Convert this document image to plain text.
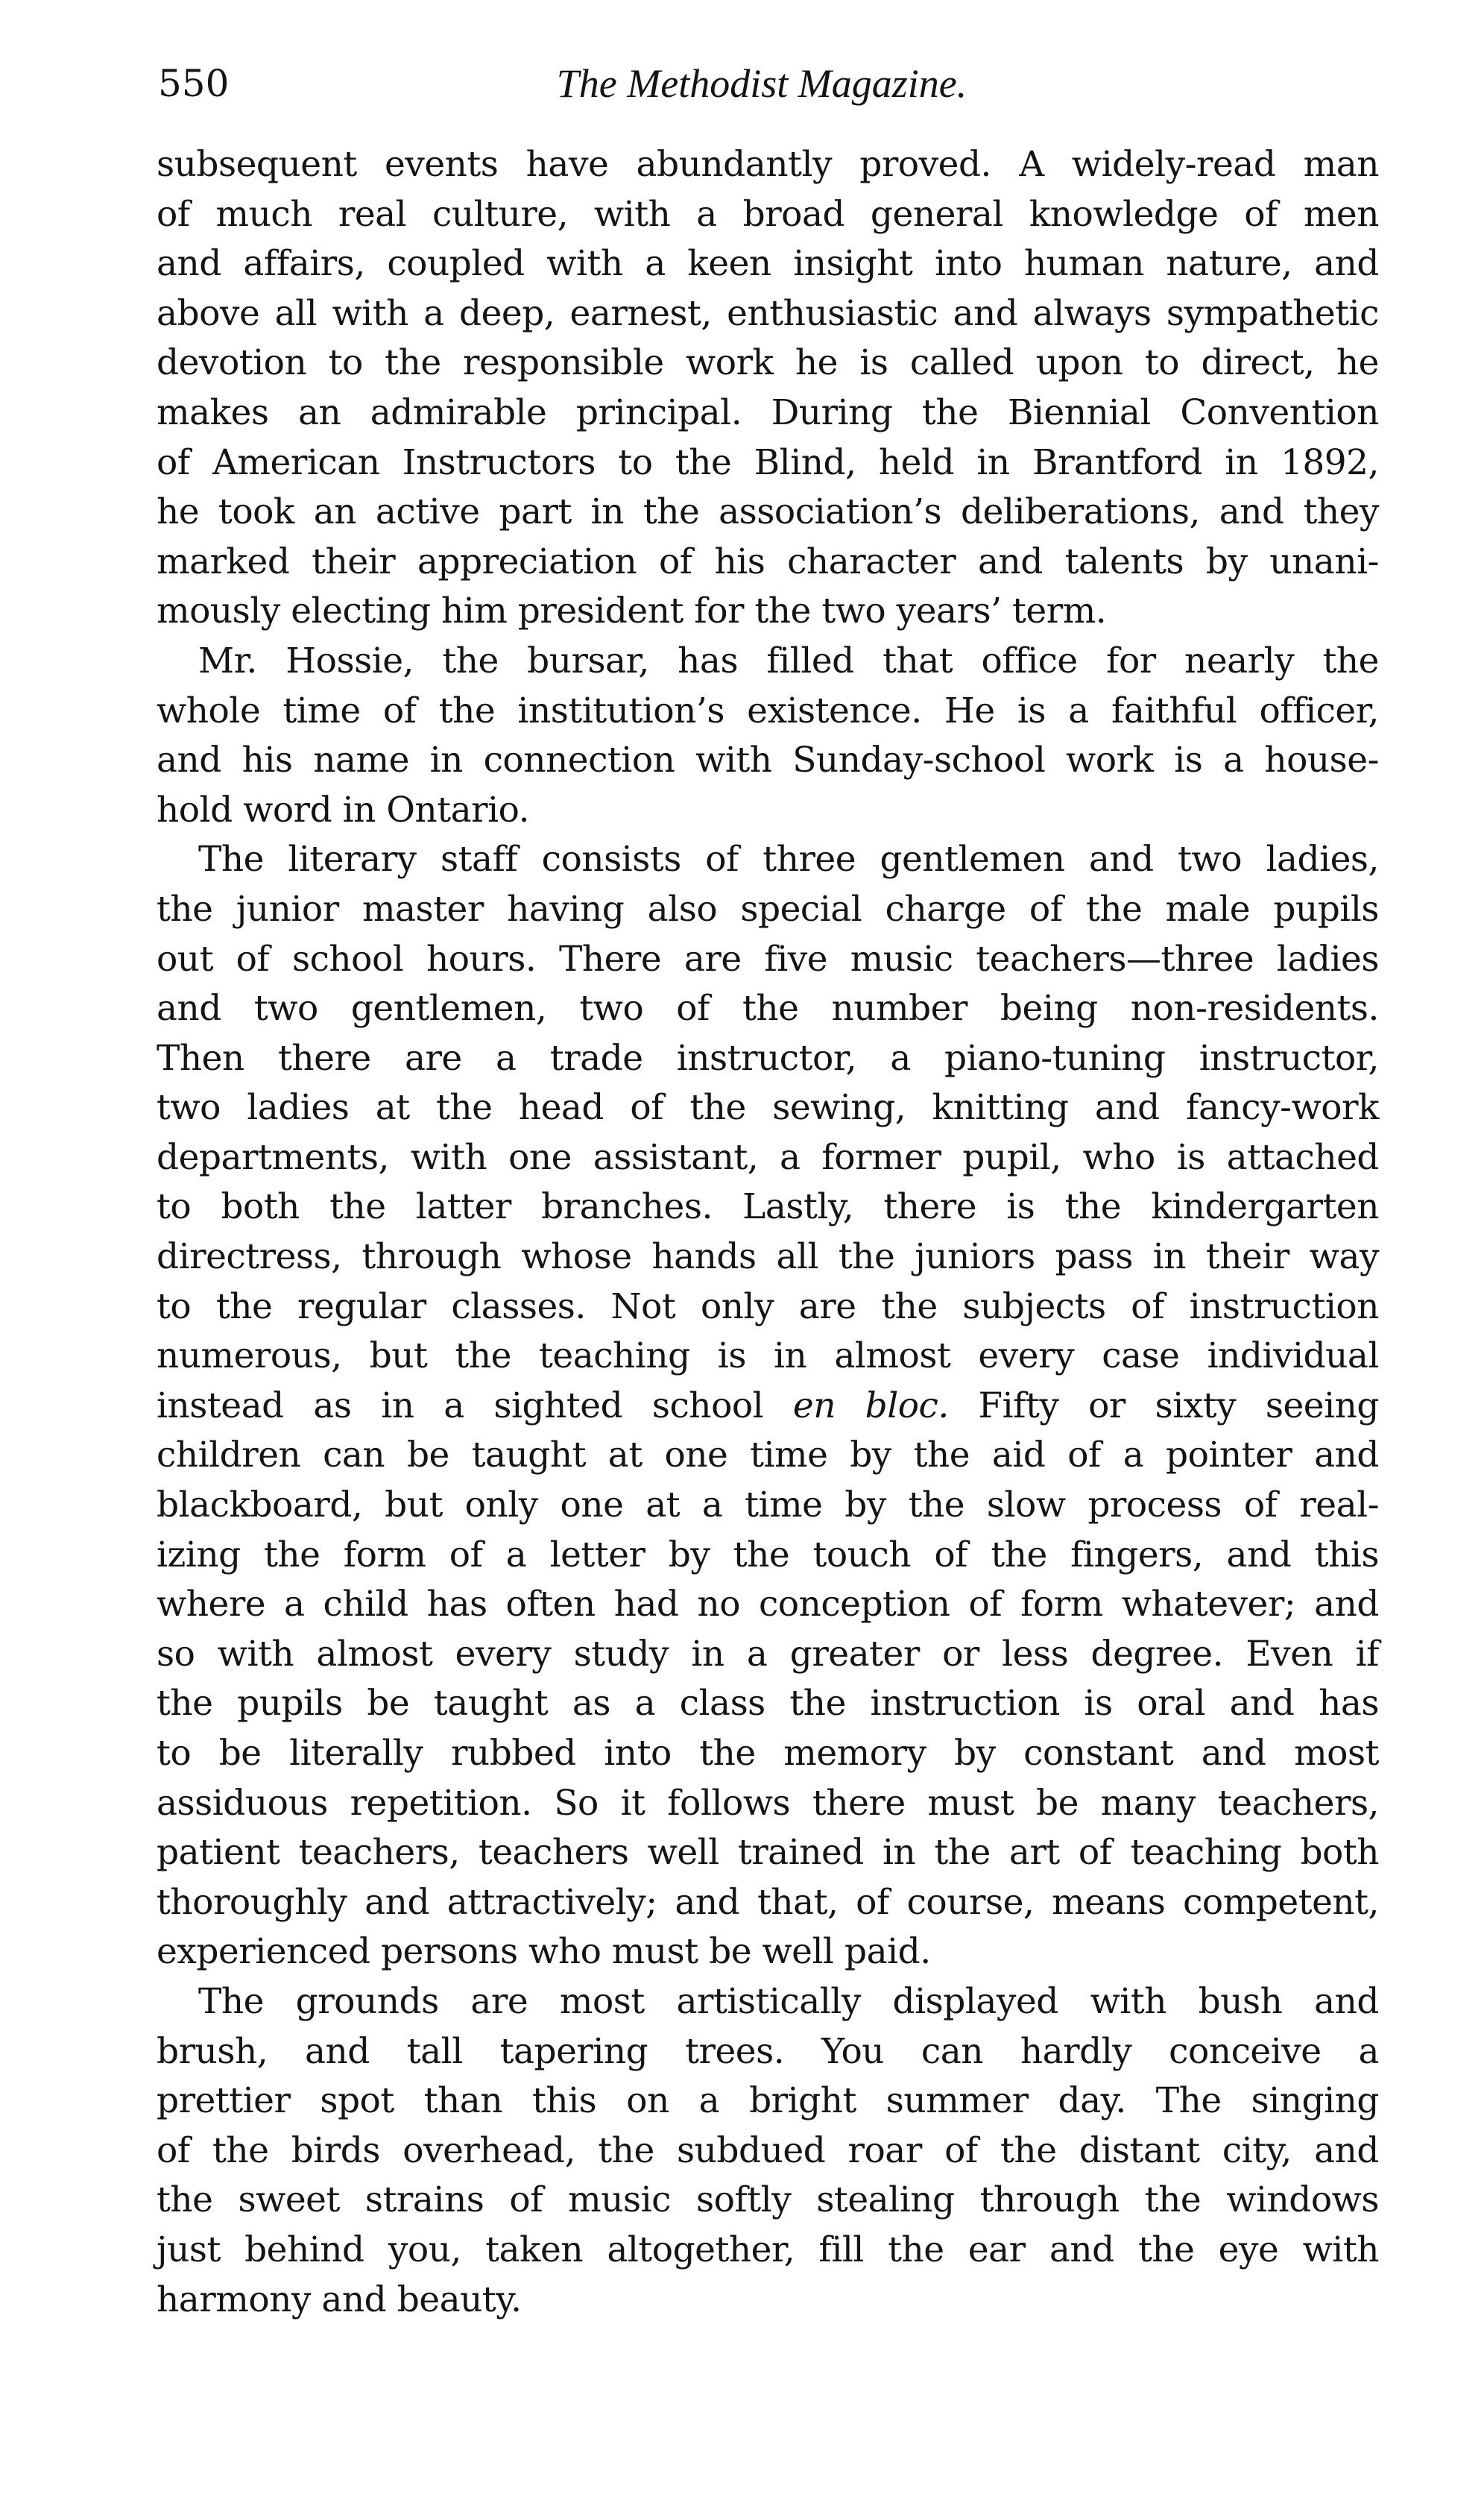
550	The Methodist Magazine.

subsequent events have abundantly proved. A widely-read man
of much real culture, with a broad general knowledge of men
and affairs, coupled with a keen insight into human nature, and
above all with a deep, earnest, enthusiastic and always sympathetic
devotion to the responsible work he is called upon to direct, he
makes an admirable principal. During the Biennial Convention
of American Instructors to the Blind, held in Brantford in 1892,
he took an active part in the association’s deliberations, and they
marked their appreciation of his character and talents by unani-
mously electing him president for the two years’ term.

Mr. Hossie, the bursar, has filled that office for nearly the
whole time of the institution’s existence. He is a faithful officer,
and his name in connection with Sunday-school work is a house-
hold word in Ontario.

The literary staff consists of three gentlemen and two ladies,
the junior master having also special charge of the male pupils
out of school hours. There are five music teachers—three ladies
and two gentlemen, two of the number being non-residents.
Then there are a trade instructor, a piano-tuning instructor,
two ladies at the head of the sewing, knitting and fancy-work
departments, with one assistant, a former pupil, who is attached
to both the latter branches. Lastly, there is the kindergarten
directress, through whose hands all the juniors pass in their way
to the regular classes. Not only are the subjects of instruction
numerous, but the teaching is in almost every case individual
instead as in a sighted school en bloc. Fifty or sixty seeing
children can be taught at one time by the aid of a pointer and
blackboard, but only one at a time by the slow process of real-
izing the form of a letter by the touch of the fingers, and this
where a child has often had no conception of form whatever; and
so with almost every study in a greater or less degree. Even if
the pupils be taught as a class the instruction is oral and has
to be literally rubbed into the memory by constant and most
assiduous repetition. So it follows there must be many teachers,
patient teachers, teachers well trained in the art of teaching both
thoroughly and attractively; and that, of course, means competent,
experienced persons who must be well paid.

The grounds are most artistically displayed with bush and
brush, and tall tapering trees. You can hardly conceive a
prettier spot than this on a bright summer day. The singing
of the birds overhead, the subdued roar of the distant city, and
the sweet strains of music softly stealing through the windows
just behind you, taken altogether, fill the ear and the eye with
harmony and beauty.
